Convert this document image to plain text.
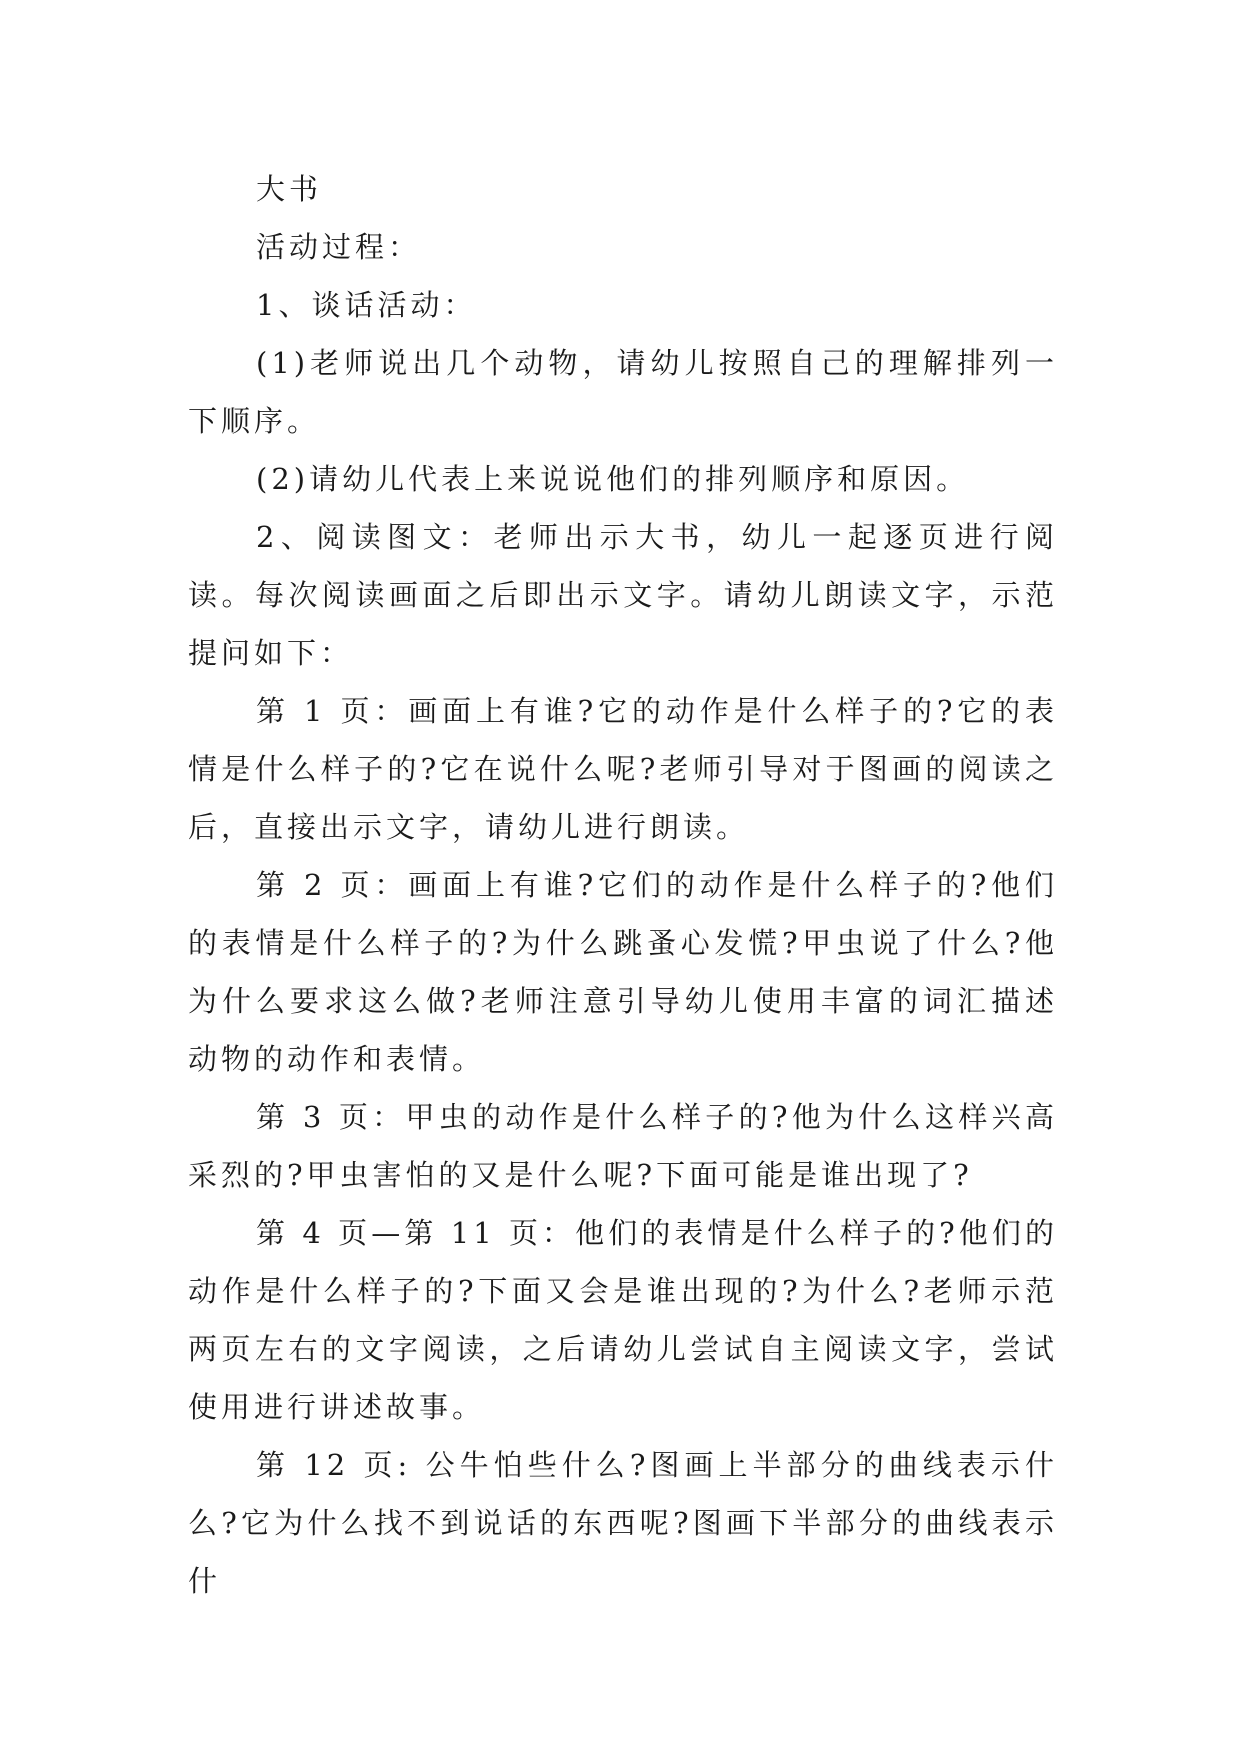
大书

活动过程：

1、谈话活动：

(1)老师说出几个动物，请幼儿按照自己的理解排列一下顺序。

(2)请幼儿代表上来说说他们的排列顺序和原因。

2、阅读图文：老师出示大书，幼儿一起逐页进行阅读。每次阅读画面之后即出示文字。请幼儿朗读文字，示范提问如下：

第 1 页：画面上有谁?它的动作是什么样子的?它的表情是什么样子的?它在说什么呢?老师引导对于图画的阅读之后，直接出示文字，请幼儿进行朗读。

第 2 页：画面上有谁?它们的动作是什么样子的?他们的表情是什么样子的?为什么跳蚤心发慌?甲虫说了什么?他为什么要求这么做?老师注意引导幼儿使用丰富的词汇描述动物的动作和表情。

第 3 页：甲虫的动作是什么样子的?他为什么这样兴高采烈的?甲虫害怕的又是什么呢?下面可能是谁出现了?

第 4 页—第 11 页：他们的表情是什么样子的?他们的动作是什么样子的?下面又会是谁出现的?为什么?老师示范两页左右的文字阅读，之后请幼儿尝试自主阅读文字，尝试使用进行讲述故事。

第 12 页: 公牛怕些什么?图画上半部分的曲线表示什么?它为什么找不到说话的东西呢?图画下半部分的曲线表示什
